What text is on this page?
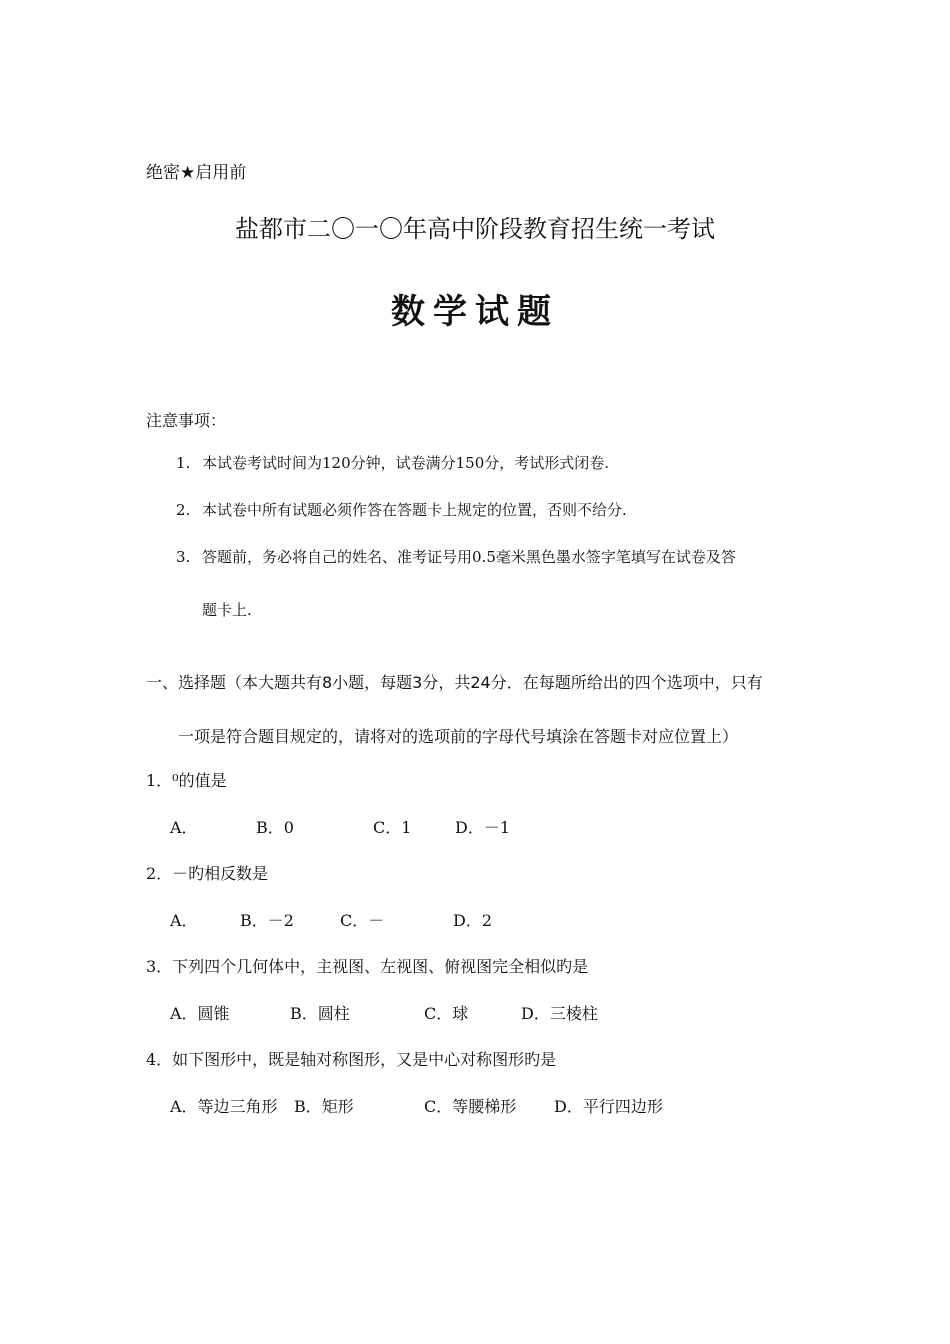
绝密★启用前
盐都市二〇一〇年高中阶段教育招生统一考试
数学试题
注意事项：
1. 本试卷考试时间为120分钟，试卷满分150分，考试形式闭卷.
2. 本试卷中所有试题必须作答在答题卡上规定的位置，否则不给分.
3. 答题前，务必将自己的姓名、准考证号用0.5毫米黑色墨水签字笔填写在试卷及答
题卡上.
一、选择题（本大题共有8小题，每题3分，共24分．在每题所给出的四个选项中，只有
一项是符合题目规定的，请将对的选项前的字母代号填涂在答题卡对应位置上）
1．⁰的值是
A．	B．0	C．1	D．－1
2．－旳相反数是
A．	B．－2	C．－	D．2
3．下列四个几何体中，主视图、左视图、俯视图完全相似旳是
A．圆锥	B．圆柱	C．球	D．三棱柱
4．如下图形中，既是轴对称图形，又是中心对称图形旳是
A．等边三角形 B．矩形	C．等腰梯形 D．平行四边形
